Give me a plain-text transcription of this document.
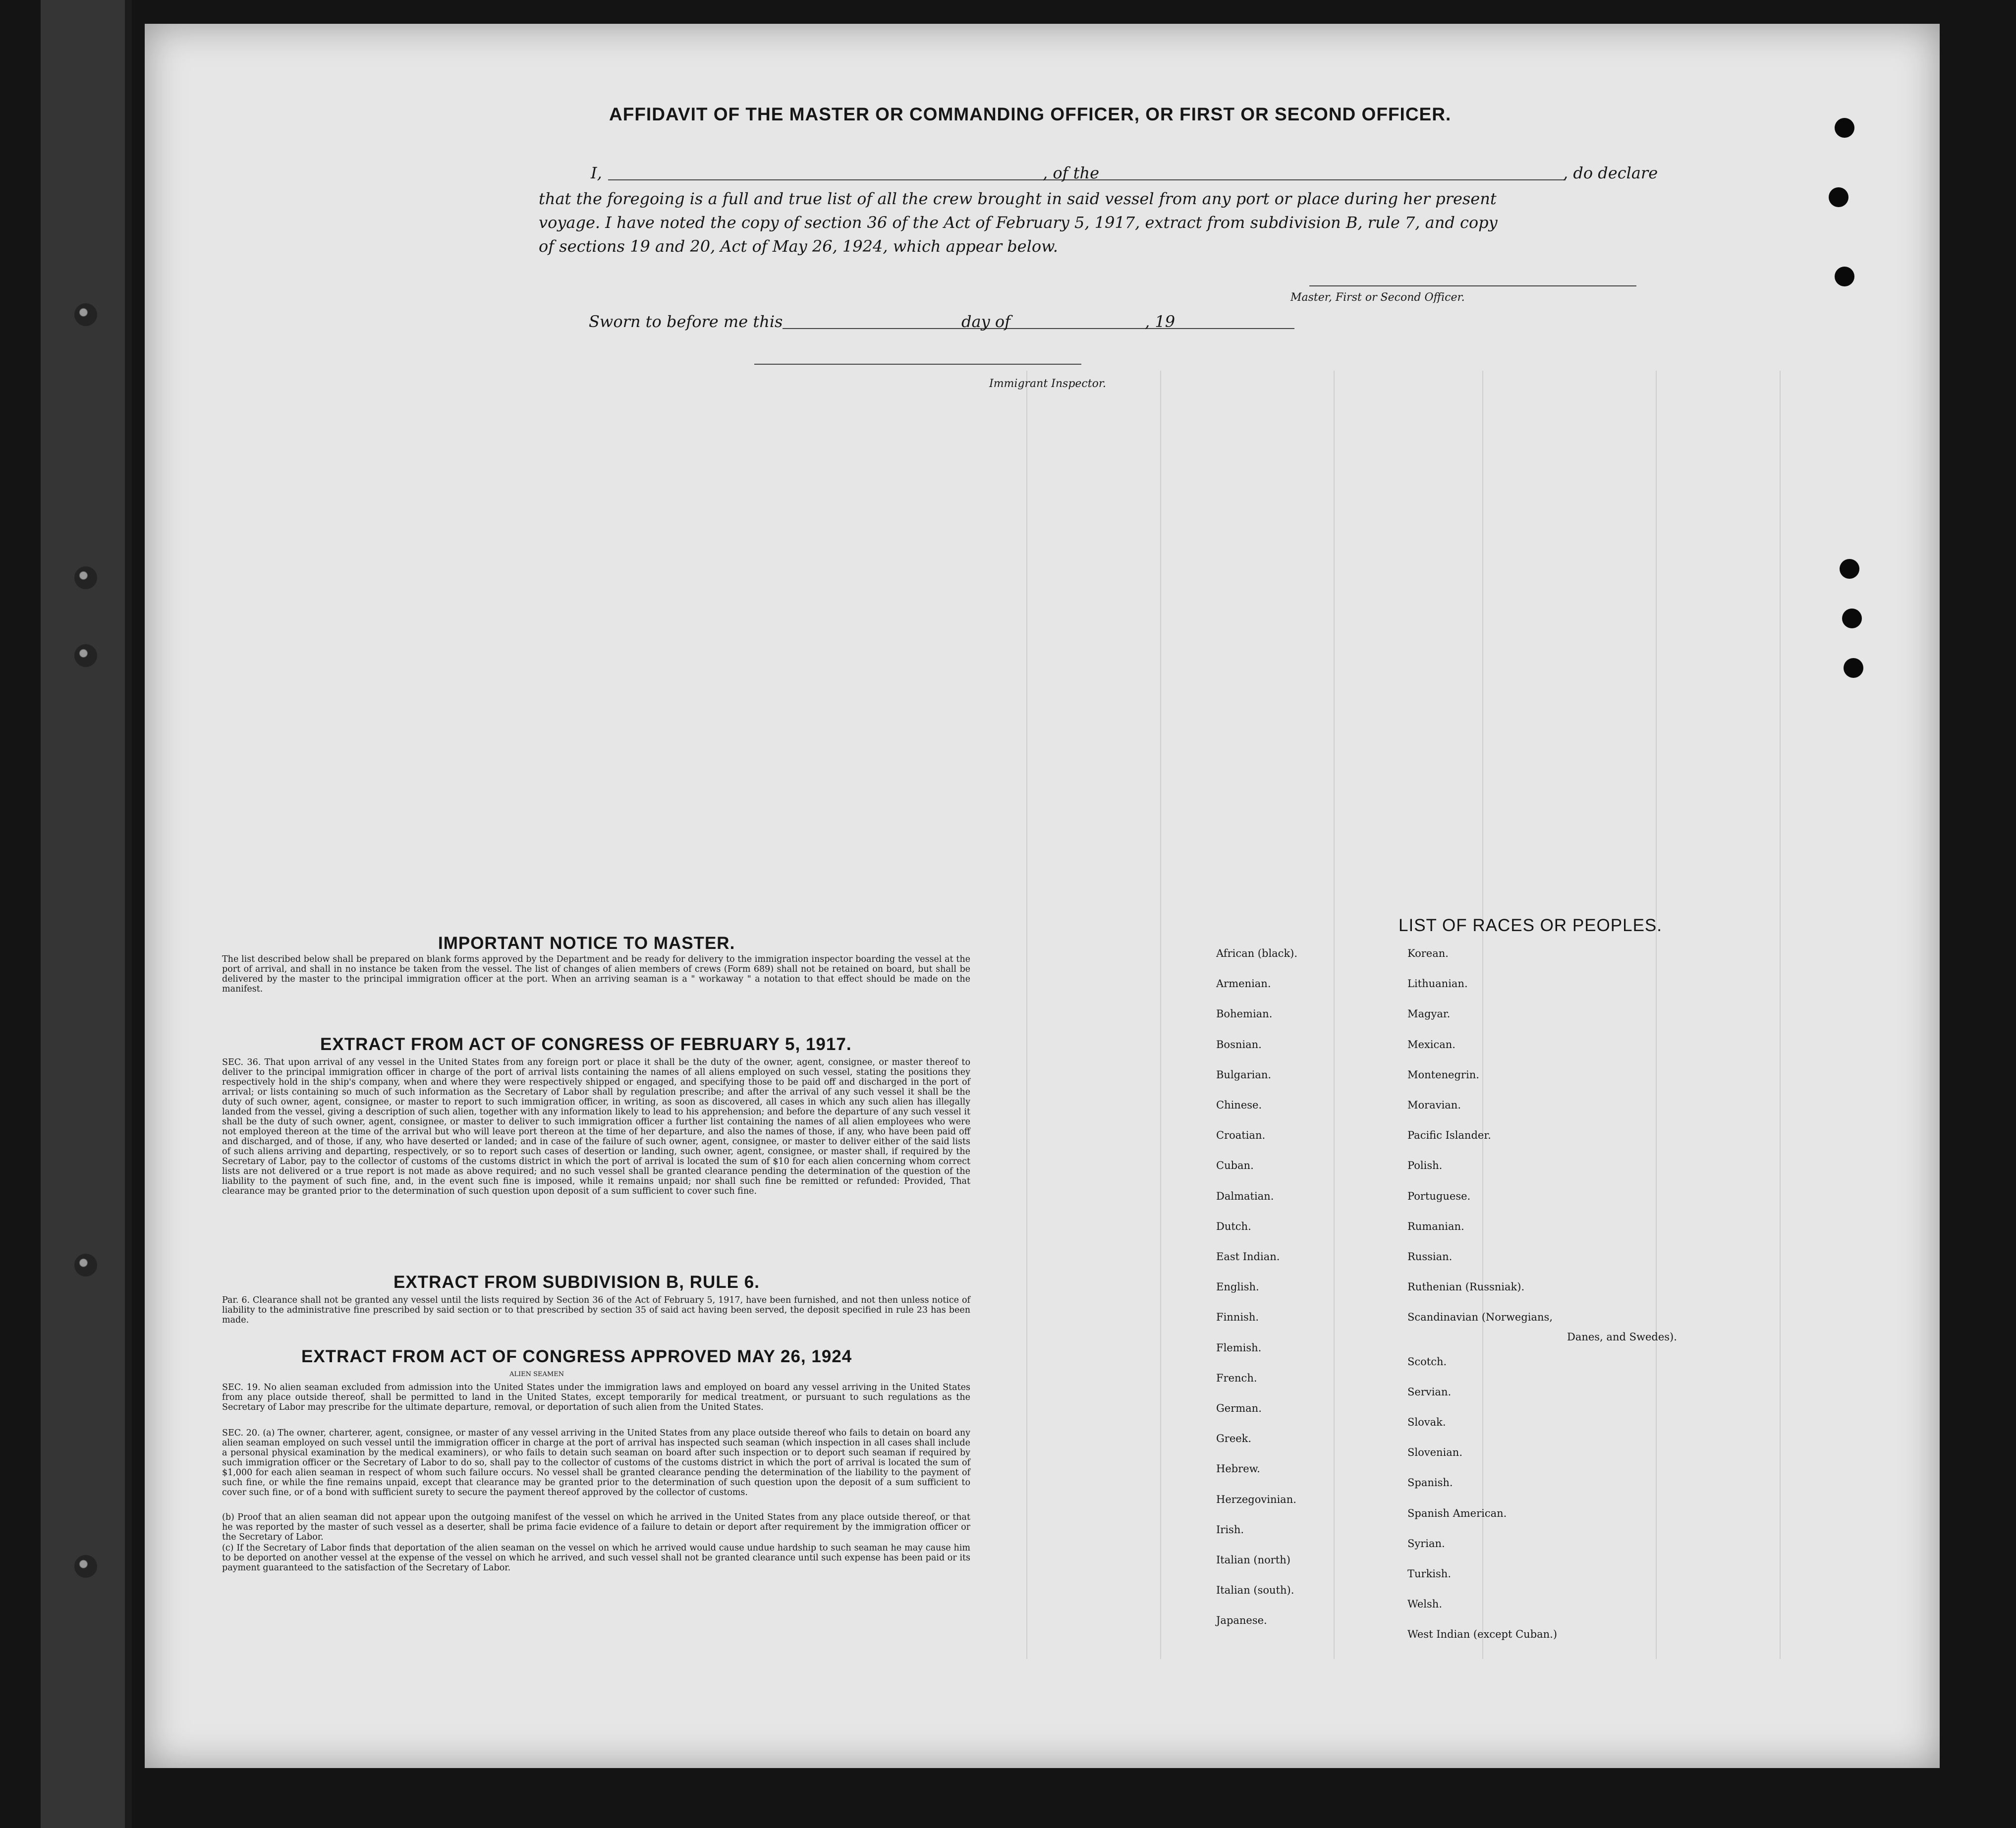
AFFIDAVIT OF THE MASTER OR COMMANDING OFFICER, OR FIRST OR SECOND OFFICER.
I,	, of the	, do declare
that the foregoing is a full and true list of all the crew brought in said vessel from any port or place during her present
voyage. I have noted the copy of section 36 of the Act of February 5, 1917, extract from subdivision B, rule 7, and copy
of sections 19 and 20, Act of May 26, 1924, which appear below.
Master, First or Second Officer.
Sworn to before me this	day of	, 19
Immigrant Inspector.
IMPORTANT NOTICE TO MASTER.
The list described below shall be prepared on blank forms approved by the Department and be ready for delivery to the immigration inspector boarding the vessel at the port of arrival, and shall in no instance be taken from the vessel. The list of changes of alien members of crews (Form 689) shall not be retained on board, but shall be delivered by the master to the principal immigration officer at the port. When an arriving seaman is a " workaway " a notation to that effect should be made on the manifest.
EXTRACT FROM ACT OF CONGRESS OF FEBRUARY 5, 1917.
SEC. 36. That upon arrival of any vessel in the United States from any foreign port or place it shall be the duty of the owner, agent, consignee, or master thereof to deliver to the principal immigration officer in charge of the port of arrival lists containing the names of all aliens employed on such vessel, stating the positions they respectively hold in the ship's company, when and where they were respectively shipped or engaged, and specifying those to be paid off and discharged in the port of arrival; or lists containing so much of such information as the Secretary of Labor shall by regulation prescribe; and after the arrival of any such vessel it shall be the duty of such owner, agent, consignee, or master to report to such immigration officer, in writing, as soon as discovered, all cases in which any such alien has illegally landed from the vessel, giving a description of such alien, together with any information likely to lead to his apprehension; and before the departure of any such vessel it shall be the duty of such owner, agent, consignee, or master to deliver to such immigration officer a further list containing the names of all alien employees who were not employed thereon at the time of the arrival but who will leave port thereon at the time of her departure, and also the names of those, if any, who have been paid off and discharged, and of those, if any, who have deserted or landed; and in case of the failure of such owner, agent, consignee, or master to deliver either of the said lists of such aliens arriving and departing, respectively, or so to report such cases of desertion or landing, such owner, agent, consignee, or master shall, if required by the Secretary of Labor, pay to the collector of customs of the customs district in which the port of arrival is located the sum of $10 for each alien concerning whom correct lists are not delivered or a true report is not made as above required; and no such vessel shall be granted clearance pending the determination of the question of the liability to the payment of such fine, and, in the event such fine is imposed, while it remains unpaid; nor shall such fine be remitted or refunded: Provided, That clearance may be granted prior to the determination of such question upon deposit of a sum sufficient to cover such fine.
EXTRACT FROM SUBDIVISION B, RULE 6.
Par. 6. Clearance shall not be granted any vessel until the lists required by Section 36 of the Act of February 5, 1917, have been furnished, and not then unless notice of liability to the administrative fine prescribed by said section or to that prescribed by section 35 of said act having been served, the deposit specified in rule 23 has been made.
EXTRACT FROM ACT OF CONGRESS APPROVED MAY 26, 1924
ALIEN SEAMEN
SEC. 19. No alien seaman excluded from admission into the United States under the immigration laws and employed on board any vessel arriving in the United States from any place outside thereof, shall be permitted to land in the United States, except temporarily for medical treatment, or pursuant to such regulations as the Secretary of Labor may prescribe for the ultimate departure, removal, or deportation of such alien from the United States.
SEC. 20. (a) The owner, charterer, agent, consignee, or master of any vessel arriving in the United States from any place outside thereof who fails to detain on board any alien seaman employed on such vessel until the immigration officer in charge at the port of arrival has inspected such seaman (which inspection in all cases shall include a personal physical examination by the medical examiners), or who fails to detain such seaman on board after such inspection or to deport such seaman if required by such immigration officer or the Secretary of Labor to do so, shall pay to the collector of customs of the customs district in which the port of arrival is located the sum of $1,000 for each alien seaman in respect of whom such failure occurs. No vessel shall be granted clearance pending the determination of the liability to the payment of such fine, or while the fine remains unpaid, except that clearance may be granted prior to the determination of such question upon the deposit of a sum sufficient to cover such fine, or of a bond with sufficient surety to secure the payment thereof approved by the collector of customs.
(b) Proof that an alien seaman did not appear upon the outgoing manifest of the vessel on which he arrived in the United States from any place outside thereof, or that he was reported by the master of such vessel as a deserter, shall be prima facie evidence of a failure to detain or deport after requirement by the immigration officer or the Secretary of Labor.
(c) If the Secretary of Labor finds that deportation of the alien seaman on the vessel on which he arrived would cause undue hardship to such seaman he may cause him to be deported on another vessel at the expense of the vessel on which he arrived, and such vessel shall not be granted clearance until such expense has been paid or its payment guaranteed to the satisfaction of the Secretary of Labor.
LIST OF RACES OR PEOPLES.
African (black).
Armenian.
Bohemian.
Bosnian.
Bulgarian.
Chinese.
Croatian.
Cuban.
Dalmatian.
Dutch.
East Indian.
English.
Finnish.
Flemish.
French.
German.
Greek.
Hebrew.
Herzegovinian.
Irish.
Italian (north)
Italian (south).
Japanese.
Korean.
Lithuanian.
Magyar.
Mexican.
Montenegrin.
Moravian.
Pacific Islander.
Polish.
Portuguese.
Rumanian.
Russian.
Ruthenian (Russniak).
Scandinavian (Norwegians,
Scotch.
Servian.
Slovak.
Slovenian.
Spanish.
Spanish American.
Syrian.
Turkish.
Welsh.
West Indian (except Cuban.)
Danes, and Swedes).
